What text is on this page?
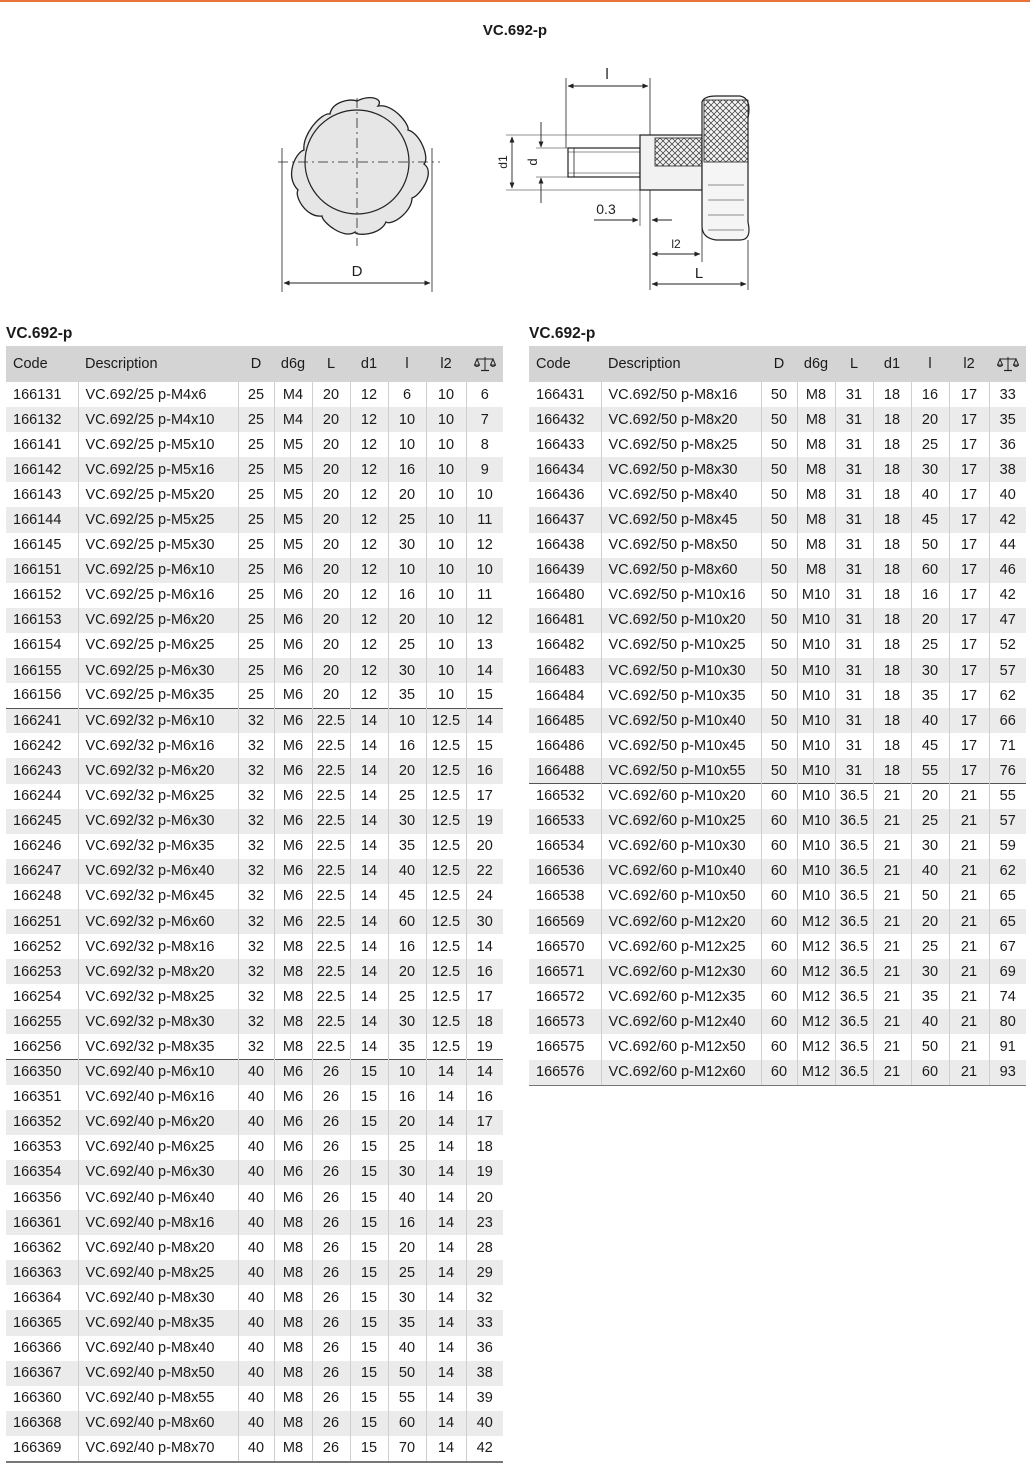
VC.692-p
D
l
d1 d
0.3
l2
L
VC.692-p
Code	Description	D	d6g	L	d1	l	l2	
166131	VC.692/25 p-M4x6	25	M4	20	12	6	10	6
166132	VC.692/25 p-M4x10	25	M4	20	12	10	10	7
166141	VC.692/25 p-M5x10	25	M5	20	12	10	10	8
166142	VC.692/25 p-M5x16	25	M5	20	12	16	10	9
166143	VC.692/25 p-M5x20	25	M5	20	12	20	10	10
166144	VC.692/25 p-M5x25	25	M5	20	12	25	10	11
166145	VC.692/25 p-M5x30	25	M5	20	12	30	10	12
166151	VC.692/25 p-M6x10	25	M6	20	12	10	10	10
166152	VC.692/25 p-M6x16	25	M6	20	12	16	10	11
166153	VC.692/25 p-M6x20	25	M6	20	12	20	10	12
166154	VC.692/25 p-M6x25	25	M6	20	12	25	10	13
166155	VC.692/25 p-M6x30	25	M6	20	12	30	10	14
166156	VC.692/25 p-M6x35	25	M6	20	12	35	10	15
166241	VC.692/32 p-M6x10	32	M6	22.5	14	10	12.5	14
166242	VC.692/32 p-M6x16	32	M6	22.5	14	16	12.5	15
166243	VC.692/32 p-M6x20	32	M6	22.5	14	20	12.5	16
166244	VC.692/32 p-M6x25	32	M6	22.5	14	25	12.5	17
166245	VC.692/32 p-M6x30	32	M6	22.5	14	30	12.5	19
166246	VC.692/32 p-M6x35	32	M6	22.5	14	35	12.5	20
166247	VC.692/32 p-M6x40	32	M6	22.5	14	40	12.5	22
166248	VC.692/32 p-M6x45	32	M6	22.5	14	45	12.5	24
166251	VC.692/32 p-M6x60	32	M6	22.5	14	60	12.5	30
166252	VC.692/32 p-M8x16	32	M8	22.5	14	16	12.5	14
166253	VC.692/32 p-M8x20	32	M8	22.5	14	20	12.5	16
166254	VC.692/32 p-M8x25	32	M8	22.5	14	25	12.5	17
166255	VC.692/32 p-M8x30	32	M8	22.5	14	30	12.5	18
166256	VC.692/32 p-M8x35	32	M8	22.5	14	35	12.5	19
166350	VC.692/40 p-M6x10	40	M6	26	15	10	14	14
166351	VC.692/40 p-M6x16	40	M6	26	15	16	14	16
166352	VC.692/40 p-M6x20	40	M6	26	15	20	14	17
166353	VC.692/40 p-M6x25	40	M6	26	15	25	14	18
166354	VC.692/40 p-M6x30	40	M6	26	15	30	14	19
166356	VC.692/40 p-M6x40	40	M6	26	15	40	14	20
166361	VC.692/40 p-M8x16	40	M8	26	15	16	14	23
166362	VC.692/40 p-M8x20	40	M8	26	15	20	14	28
166363	VC.692/40 p-M8x25	40	M8	26	15	25	14	29
166364	VC.692/40 p-M8x30	40	M8	26	15	30	14	32
166365	VC.692/40 p-M8x35	40	M8	26	15	35	14	33
166366	VC.692/40 p-M8x40	40	M8	26	15	40	14	36
166367	VC.692/40 p-M8x50	40	M8	26	15	50	14	38
166360	VC.692/40 p-M8x55	40	M8	26	15	55	14	39
166368	VC.692/40 p-M8x60	40	M8	26	15	60	14	40
166369	VC.692/40 p-M8x70	40	M8	26	15	70	14	42
VC.692-p
Code	Description	D	d6g	L	d1	l	l2	
166431	VC.692/50 p-M8x16	50	M8	31	18	16	17	33
166432	VC.692/50 p-M8x20	50	M8	31	18	20	17	35
166433	VC.692/50 p-M8x25	50	M8	31	18	25	17	36
166434	VC.692/50 p-M8x30	50	M8	31	18	30	17	38
166436	VC.692/50 p-M8x40	50	M8	31	18	40	17	40
166437	VC.692/50 p-M8x45	50	M8	31	18	45	17	42
166438	VC.692/50 p-M8x50	50	M8	31	18	50	17	44
166439	VC.692/50 p-M8x60	50	M8	31	18	60	17	46
166480	VC.692/50 p-M10x16	50	M10	31	18	16	17	42
166481	VC.692/50 p-M10x20	50	M10	31	18	20	17	47
166482	VC.692/50 p-M10x25	50	M10	31	18	25	17	52
166483	VC.692/50 p-M10x30	50	M10	31	18	30	17	57
166484	VC.692/50 p-M10x35	50	M10	31	18	35	17	62
166485	VC.692/50 p-M10x40	50	M10	31	18	40	17	66
166486	VC.692/50 p-M10x45	50	M10	31	18	45	17	71
166488	VC.692/50 p-M10x55	50	M10	31	18	55	17	76
166532	VC.692/60 p-M10x20	60	M10	36.5	21	20	21	55
166533	VC.692/60 p-M10x25	60	M10	36.5	21	25	21	57
166534	VC.692/60 p-M10x30	60	M10	36.5	21	30	21	59
166536	VC.692/60 p-M10x40	60	M10	36.5	21	40	21	62
166538	VC.692/60 p-M10x50	60	M10	36.5	21	50	21	65
166569	VC.692/60 p-M12x20	60	M12	36.5	21	20	21	65
166570	VC.692/60 p-M12x25	60	M12	36.5	21	25	21	67
166571	VC.692/60 p-M12x30	60	M12	36.5	21	30	21	69
166572	VC.692/60 p-M12x35	60	M12	36.5	21	35	21	74
166573	VC.692/60 p-M12x40	60	M12	36.5	21	40	21	80
166575	VC.692/60 p-M12x50	60	M12	36.5	21	50	21	91
166576	VC.692/60 p-M12x60	60	M12	36.5	21	60	21	93
